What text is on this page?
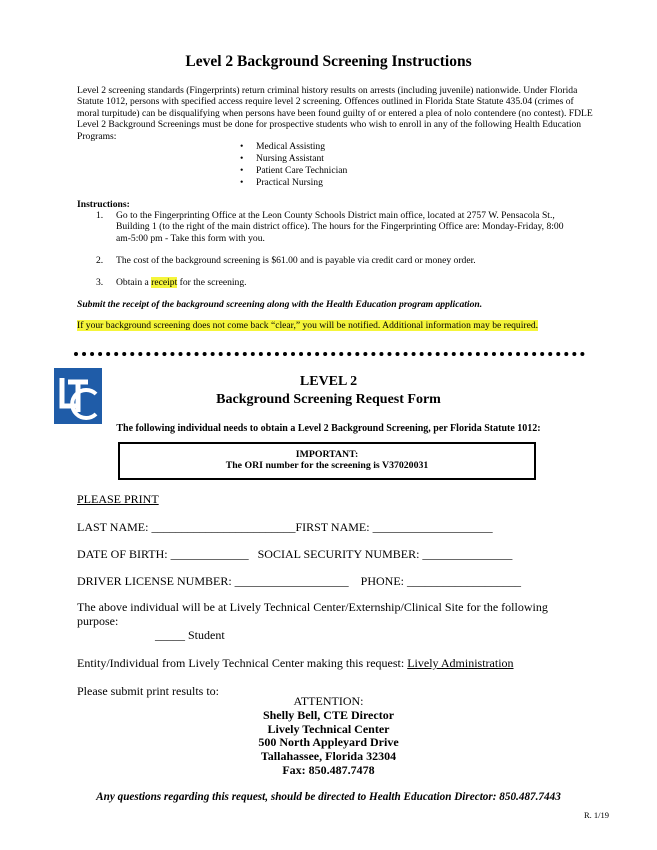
Level 2 Background Screening Instructions
Level 2 screening standards (Fingerprints) return criminal history results on arrests (including juvenile) nationwide. Under Florida Statute 1012, persons with specified access require level 2 screening. Offences outlined in Florida State Statute 435.04 (crimes of moral turpitude) can be disqualifying when persons have been found guilty of or entered a plea of nolo contendere (no contest). FDLE Level 2 Background Screenings must be done for prospective students who wish to enroll in any of the following Health Education Programs:
• Medical Assisting
• Nursing Assistant
• Patient Care Technician
• Practical Nursing
Instructions:
1. Go to the Fingerprinting Office at the Leon County Schools District main office, located at 2757 W. Pensacola St., Building 1 (to the right of the main district office). The hours for the Fingerprinting Office are: Monday-Friday, 8:00 am-5:00 pm - Take this form with you.
2. The cost of the background screening is $61.00 and is payable via credit card or money order.
3. Obtain a receipt for the screening.
Submit the receipt of the background screening along with the Health Education program application.
If your background screening does not come back “clear,” you will be notified. Additional information may be required.
LEVEL 2
Background Screening Request Form
The following individual needs to obtain a Level 2 Background Screening, per Florida Statute 1012:
IMPORTANT:
The ORI number for the screening is V37020031
PLEASE PRINT
LAST NAME: ________________________FIRST NAME: ____________________
DATE OF BIRTH: _____________   SOCIAL SECURITY NUMBER: _______________
DRIVER LICENSE NUMBER: ___________________    PHONE: ___________________
The above individual will be at Lively Technical Center/Externship/Clinical Site for the following purpose:
_____ Student
Entity/Individual from Lively Technical Center making this request: Lively Administration
Please submit print results to:
ATTENTION:
Shelly Bell, CTE Director
Lively Technical Center
500 North Appleyard Drive
Tallahassee, Florida 32304
Fax: 850.487.7478
Any questions regarding this request, should be directed to Health Education Director: 850.487.7443
R. 1/19
